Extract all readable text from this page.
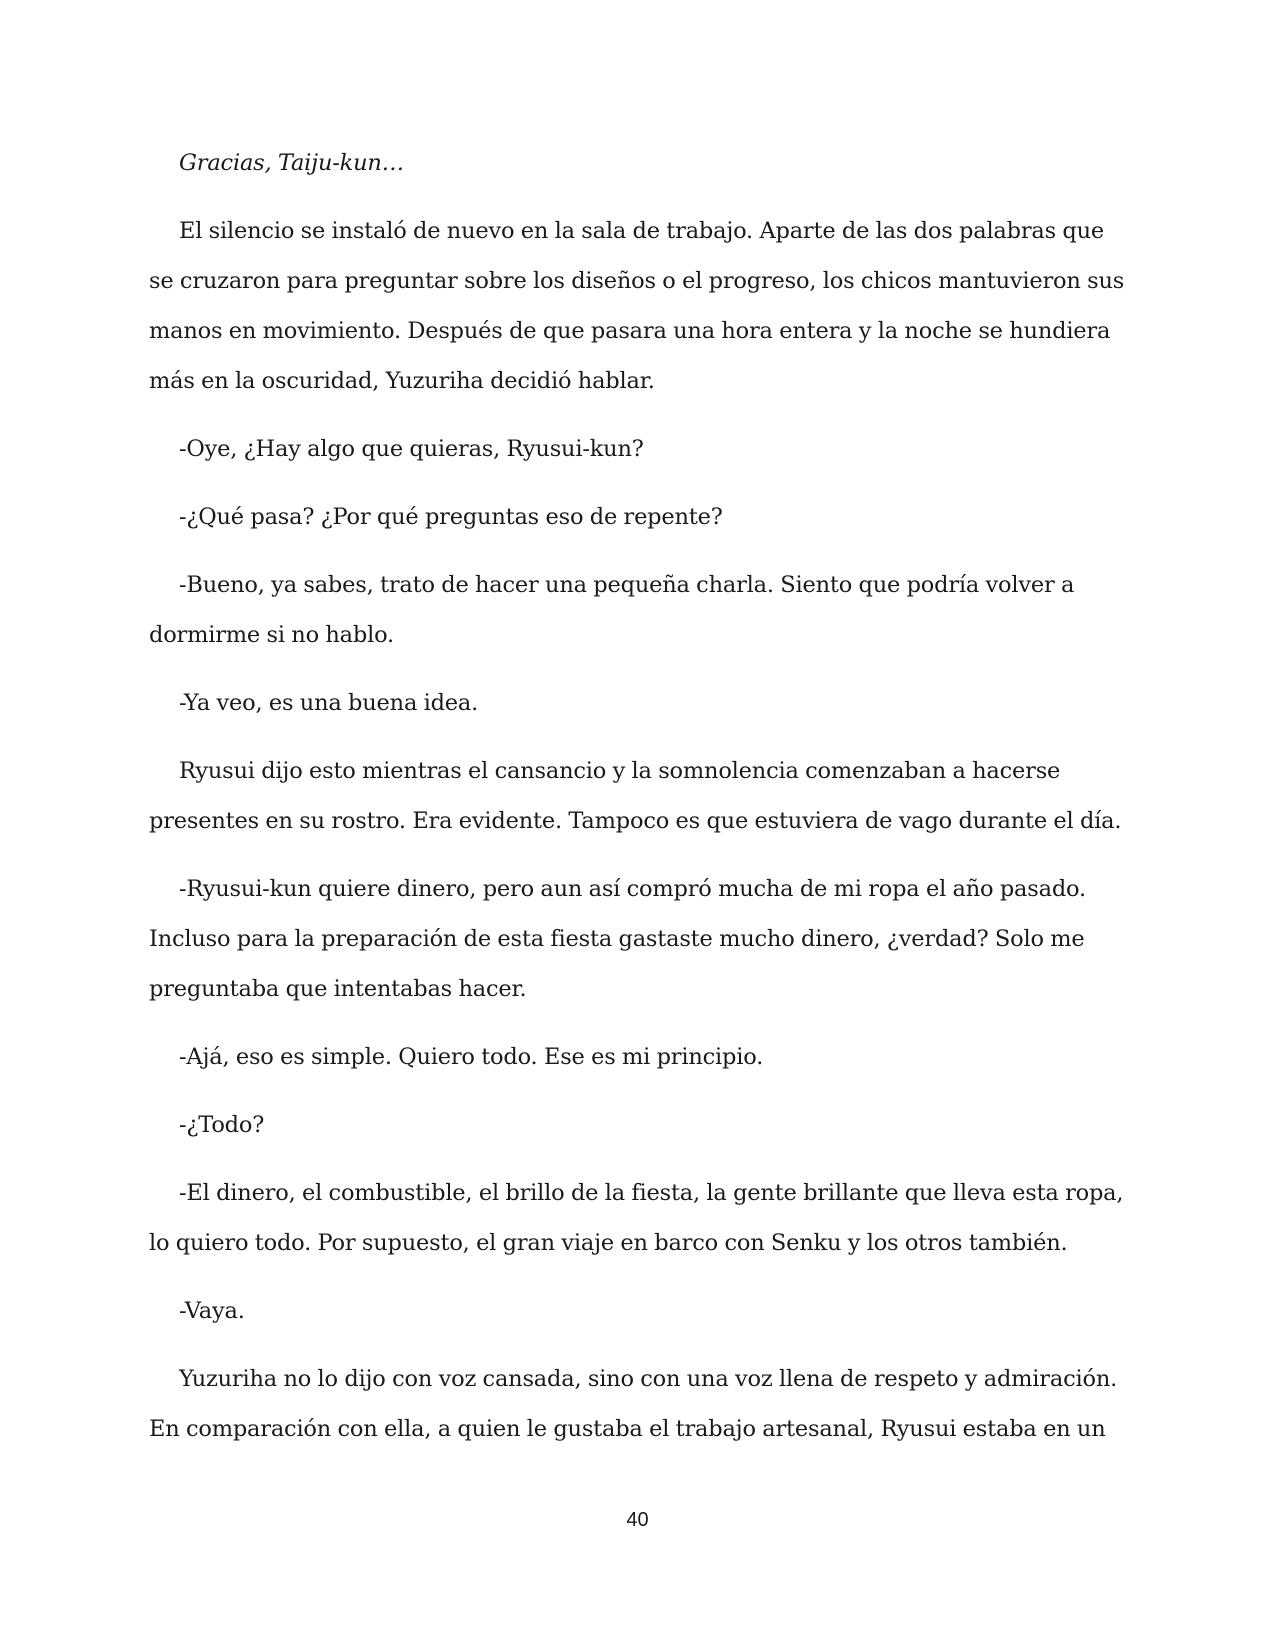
Gracias, Taiju-kun…

El silencio se instaló de nuevo en la sala de trabajo. Aparte de las dos palabras que se cruzaron para preguntar sobre los diseños o el progreso, los chicos mantuvieron sus manos en movimiento. Después de que pasara una hora entera y la noche se hundiera más en la oscuridad, Yuzuriha decidió hablar.

-Oye, ¿Hay algo que quieras, Ryusui-kun?

-¿Qué pasa? ¿Por qué preguntas eso de repente?

-Bueno, ya sabes, trato de hacer una pequeña charla. Siento que podría volver a dormirme si no hablo.

-Ya veo, es una buena idea.

Ryusui dijo esto mientras el cansancio y la somnolencia comenzaban a hacerse presentes en su rostro. Era evidente. Tampoco es que estuviera de vago durante el día.

-Ryusui-kun quiere dinero, pero aun así compró mucha de mi ropa el año pasado. Incluso para la preparación de esta fiesta gastaste mucho dinero, ¿verdad? Solo me preguntaba que intentabas hacer.

-Ajá, eso es simple. Quiero todo. Ese es mi principio.

-¿Todo?

-El dinero, el combustible, el brillo de la fiesta, la gente brillante que lleva esta ropa, lo quiero todo. Por supuesto, el gran viaje en barco con Senku y los otros también.

-Vaya.

Yuzuriha no lo dijo con voz cansada, sino con una voz llena de respeto y admiración. En comparación con ella, a quien le gustaba el trabajo artesanal, Ryusui estaba en un

40
